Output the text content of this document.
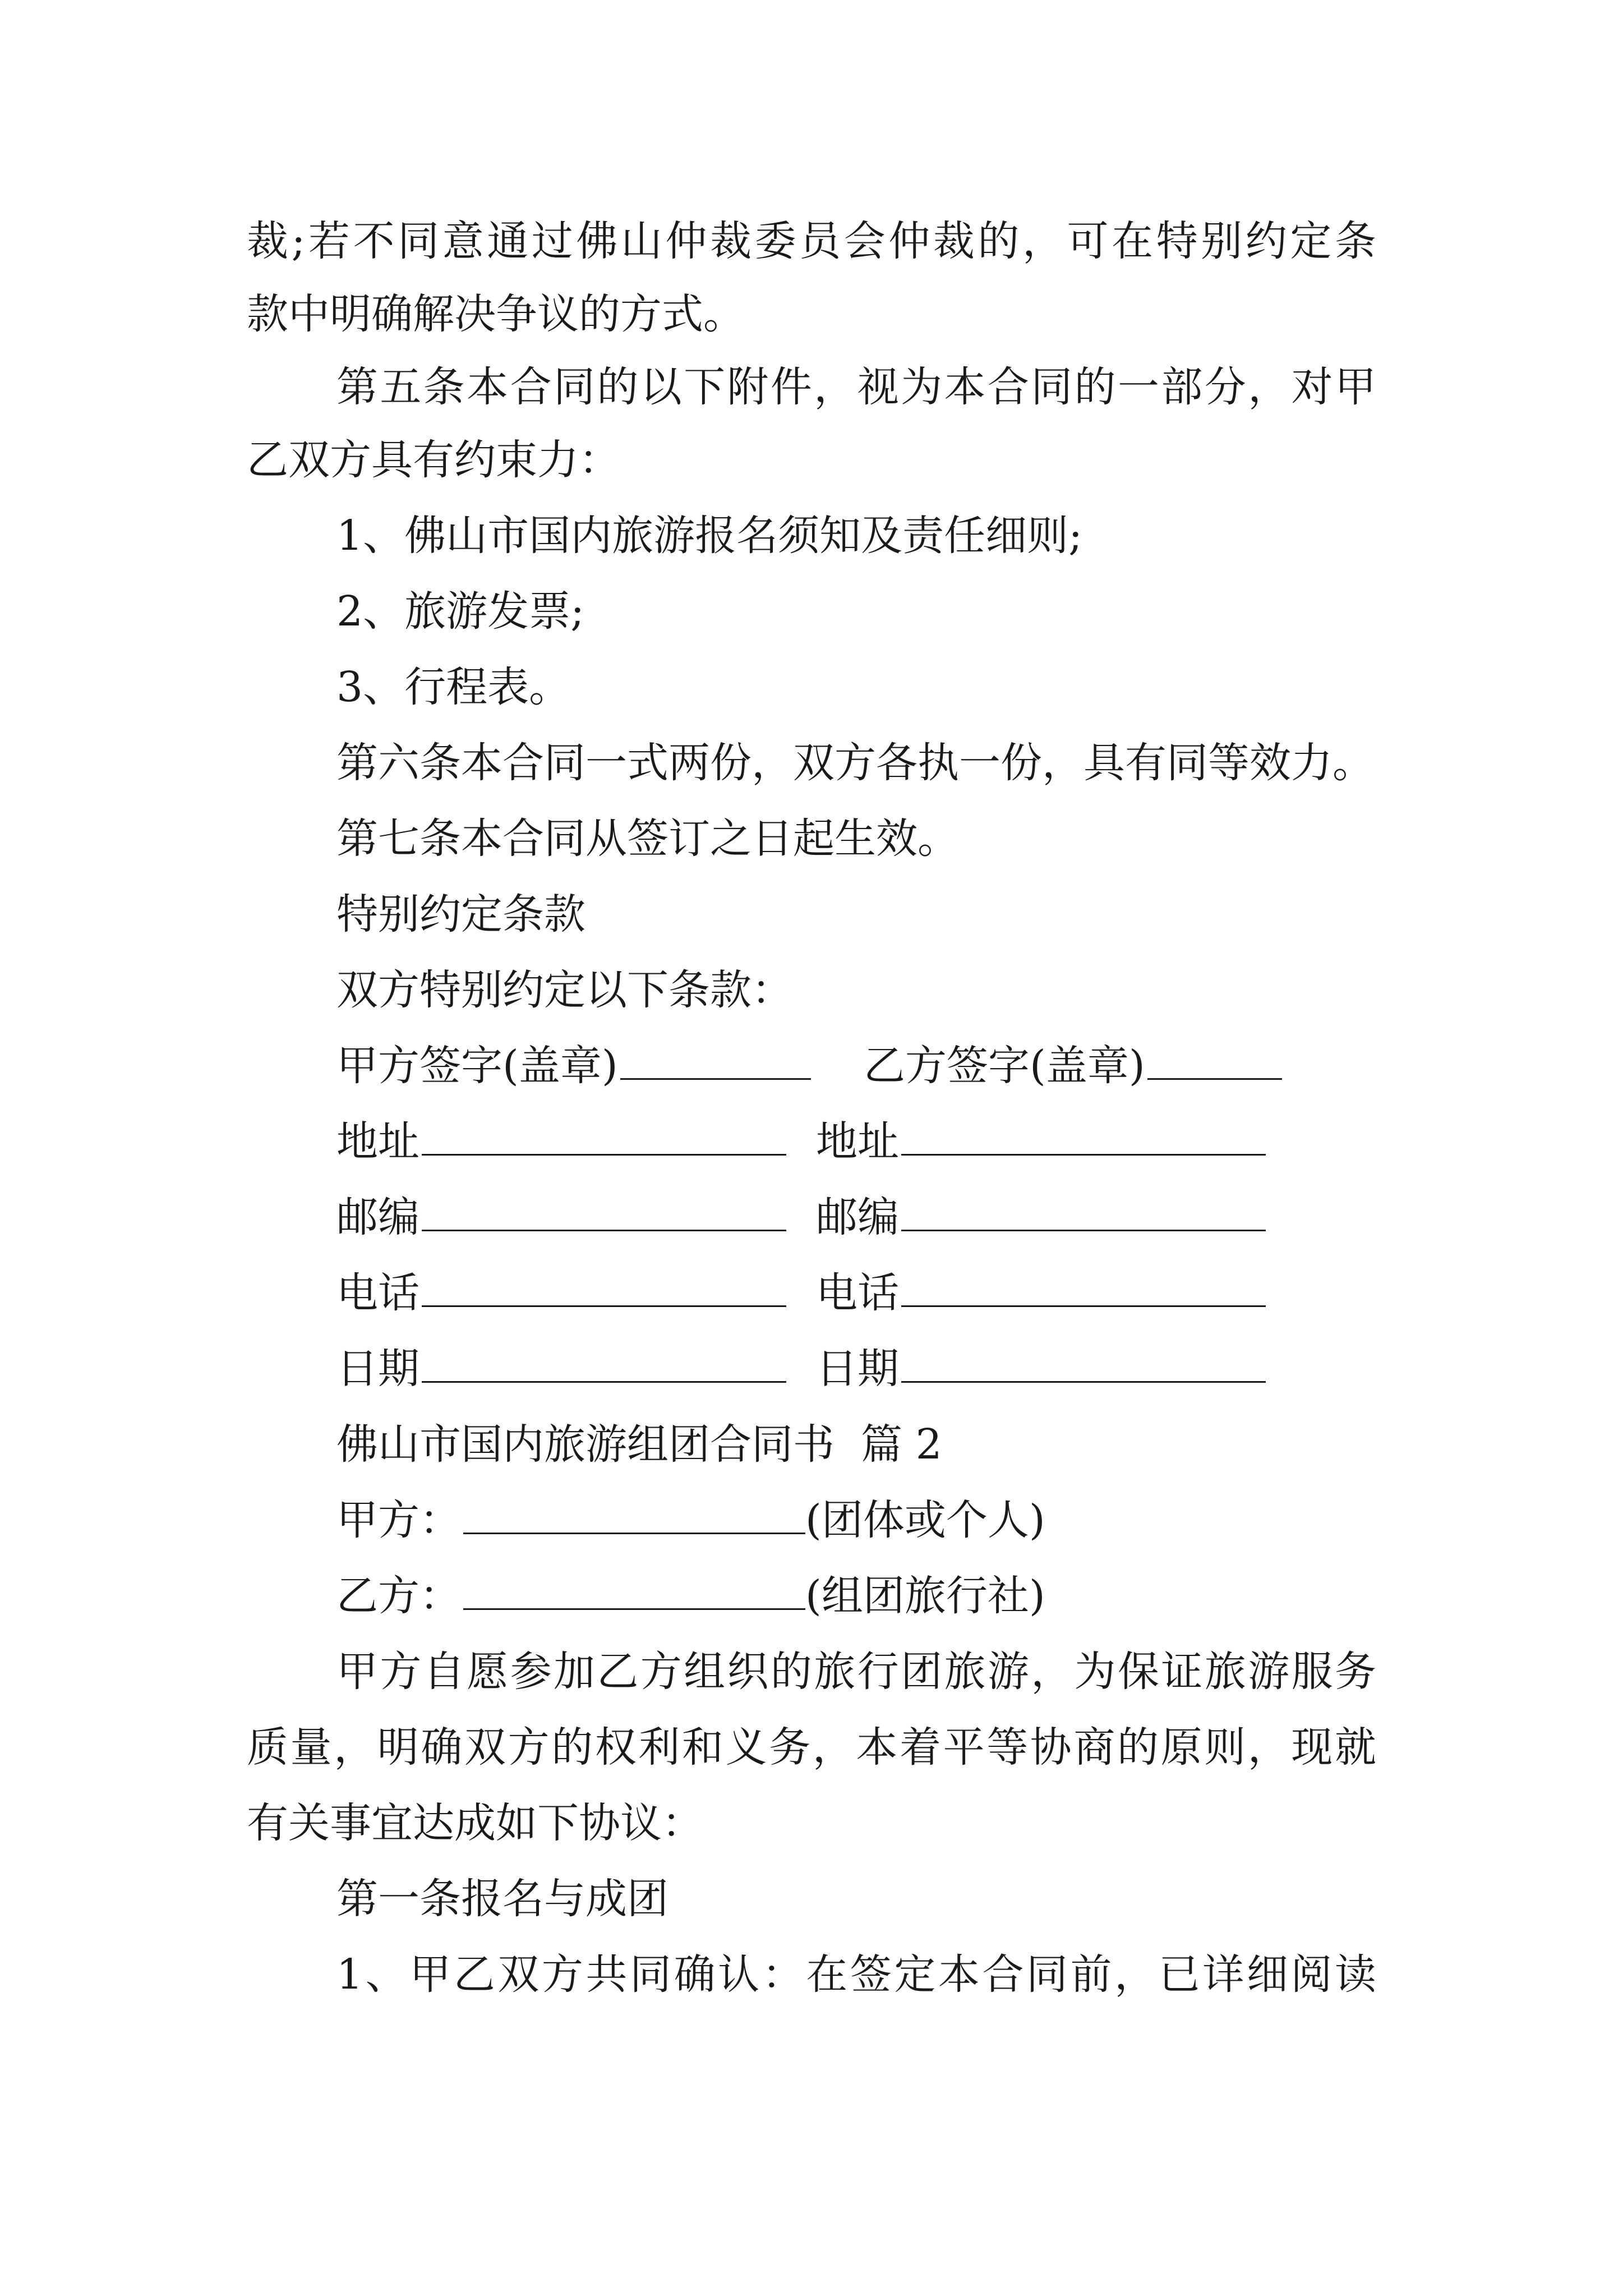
裁;若不同意通过佛山仲裁委员会仲裁的，可在特别约定条
款中明确解决争议的方式。
第五条本合同的以下附件，视为本合同的一部分，对甲
乙双方具有约束力：
1、佛山市国内旅游报名须知及责任细则;
2、旅游发票;
3、行程表。
第六条本合同一式两份，双方各执一份，具有同等效力。
第七条本合同从签订之日起生效。
特别约定条款
双方特别约定以下条款：
甲方签字(盖章)	乙方签字(盖章)
地址	地址
邮编	邮编
电话	电话
日期	日期
佛山市国内旅游组团合同书  篇 2
甲方：	(团体或个人)
乙方：	(组团旅行社)
甲方自愿参加乙方组织的旅行团旅游，为保证旅游服务
质量，明确双方的权利和义务，本着平等协商的原则，现就
有关事宜达成如下协议：
第一条报名与成团
1、甲乙双方共同确认：在签定本合同前，已详细阅读
